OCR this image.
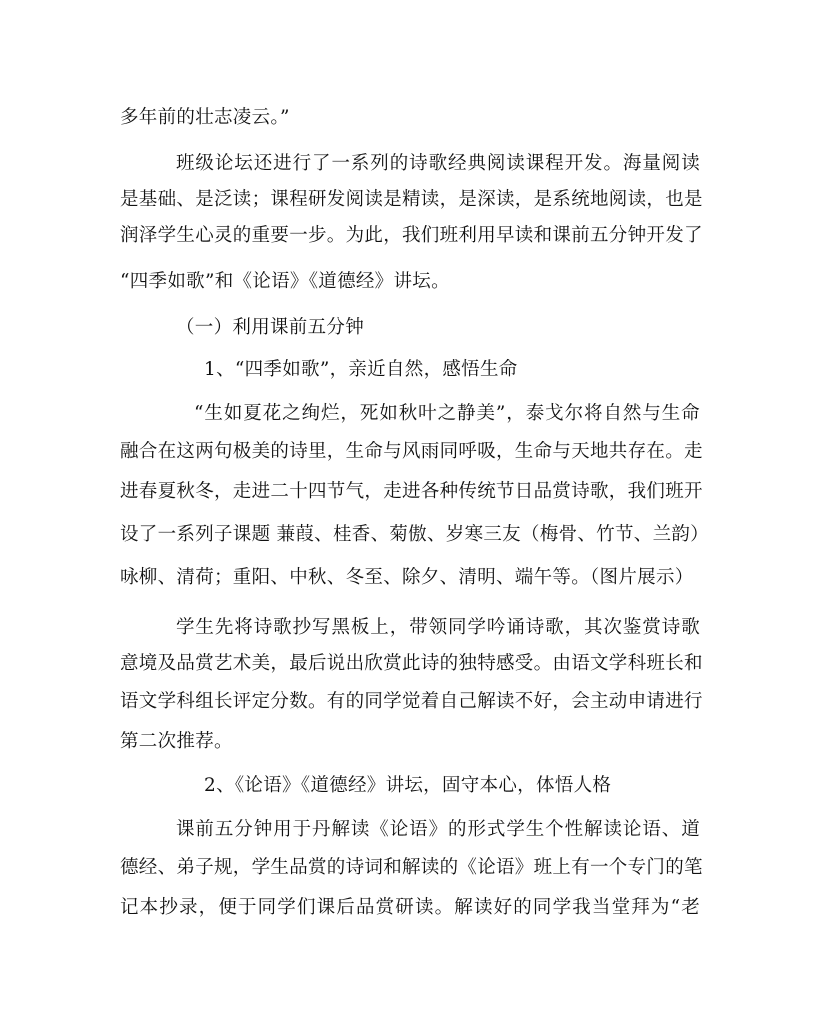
多年前的壮志凌云。”
班级论坛还进行了一系列的诗歌经典阅读课程开发。海量阅读
是基础、是泛读；课程研发阅读是精读，是深读，是系统地阅读，也是
润泽学生心灵的重要一步。为此，我们班利用早读和课前五分钟开发了
“四季如歌”和《论语》《道德经》讲坛。
（一）利用课前五分钟
1、“四季如歌”，亲近自然，感悟生命
“生如夏花之绚烂，死如秋叶之静美”，泰戈尔将自然与生命
融合在这两句极美的诗里，生命与风雨同呼吸，生命与天地共存在。走
进春夏秋冬，走进二十四节气，走进各种传统节日品赏诗歌，我们班开
设了一系列子课题 蒹葭、桂香、菊傲、岁寒三友（梅骨、竹节、兰韵）
咏柳、清荷；重阳、中秋、冬至、除夕、清明、端午等。（图片展示）
学生先将诗歌抄写黑板上，带领同学吟诵诗歌，其次鉴赏诗歌
意境及品赏艺术美，最后说出欣赏此诗的独特感受。由语文学科班长和
语文学科组长评定分数。有的同学觉着自己解读不好，会主动申请进行
第二次推荐。
2、《论语》《道德经》讲坛，固守本心，体悟人格
课前五分钟用于丹解读《论语》的形式学生个性解读论语、道
德经、弟子规，学生品赏的诗词和解读的《论语》班上有一个专门的笔
记本抄录，便于同学们课后品赏研读。解读好的同学我当堂拜为“老
